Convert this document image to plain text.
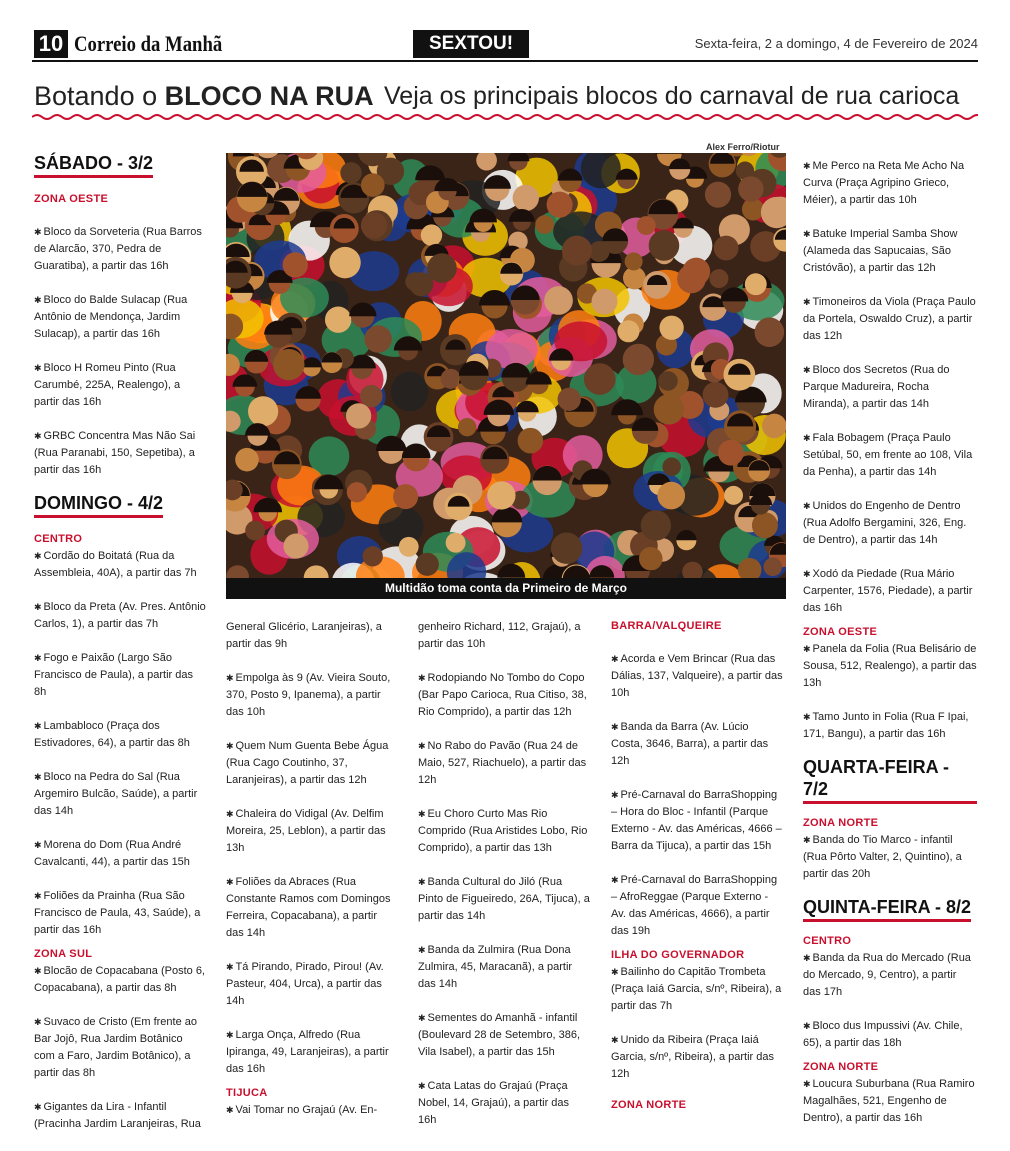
10 Correio da Manhã	SEXTOU!	Sexta-feira, 2 a domingo, 4 de Fevereiro de 2024
Botando o BLOCO NA RUA Veja os principais blocos do carnaval de rua carioca
SÁBADO - 3/2

ZONA OESTE

✱ Bloco da Sorveteria (Rua Barros de Alarcão, 370, Pedra de Guaratiba), a partir das 16h

✱ Bloco do Balde Sulacap (Rua Antônio de Mendonça, Jardim Sulacap), a partir das 16h

✱ Bloco H Romeu Pinto (Rua Carumbé, 225A, Realengo), a partir das 16h

✱ GRBC Concentra Mas Não Sai (Rua Paranabi, 150, Sepetiba), a partir das 16h

DOMINGO - 4/2

CENTRO

✱ Cordão do Boitatá (Rua da Assembleia, 40A), a partir das 7h

✱ Bloco da Preta (Av. Pres. Antônio Carlos, 1), a partir das 7h

✱ Fogo e Paixão (Largo São Francisco de Paula), a partir das 8h

✱ Lambabloco (Praça dos Estivadores, 64), a partir das 8h

✱ Bloco na Pedra do Sal (Rua Argemiro Bulcão, Saúde), a partir das 14h

✱ Morena do Dom (Rua André Cavalcanti, 44), a partir das 15h

✱ Foliões da Prainha (Rua São Francisco de Paula, 43, Saúde), a partir das 16h

ZONA SUL

✱ Blocão de Copacabana (Posto 6, Copacabana), a partir das 8h

✱ Suvaco de Cristo (Em frente ao Bar Jojô, Rua Jardim Botânico com a Faro, Jardim Botânico), a partir das 8h

✱ Gigantes da Lira - Infantil (Pracinha Jardim Laranjeiras, Rua

Alex Ferro/Riotur
Multidão toma conta da Primeiro de Março

General Glicério, Laranjeiras), a partir das 9h

✱ Empolga às 9 (Av. Vieira Souto, 370, Posto 9, Ipanema), a partir das 10h

✱ Quem Num Guenta Bebe Água (Rua Cago Coutinho, 37, Laranjeiras), a partir das 12h

✱ Chaleira do Vidigal (Av. Delfim Moreira, 25, Leblon), a partir das 13h

✱ Foliões da Abraces (Rua Constante Ramos com Domingos Ferreira, Copacabana), a partir das 14h

✱ Tá Pirando, Pirado, Pirou! (Av. Pasteur, 404, Urca), a partir das 14h

✱ Larga Onça, Alfredo (Rua Ipiranga, 49, Laranjeiras), a partir das 16h

TIJUCA

✱ Vai Tomar no Grajaú (Av. En-

genheiro Richard, 112, Grajaú), a partir das 10h

✱ Rodopiando No Tombo do Copo (Bar Papo Carioca, Rua Citiso, 38, Rio Comprido), a partir das 12h

✱ No Rabo do Pavão (Rua 24 de Maio, 527, Riachuelo), a partir das 12h

✱ Eu Choro Curto Mas Rio Comprido (Rua Aristides Lobo, Rio Comprido), a partir das 13h

✱ Banda Cultural do Jiló (Rua Pinto de Figueiredo, 26A, Tijuca), a partir das 14h

✱ Banda da Zulmira (Rua Dona Zulmira, 45, Maracanã), a partir das 14h

✱ Sementes do Amanhã - infantil (Boulevard 28 de Setembro, 386, Vila Isabel), a partir das 15h

✱ Cata Latas do Grajaú (Praça Nobel, 14, Grajaú), a partir das 16h

BARRA/VALQUEIRE

✱ Acorda e Vem Brincar (Rua das Dálias, 137, Valqueire), a partir das 10h

✱ Banda da Barra (Av. Lúcio Costa, 3646, Barra), a partir das 12h

✱ Pré-Carnaval do BarraShopping – Hora do Bloc - Infantil (Parque Externo - Av. das Américas, 4666 – Barra da Tijuca), a partir das 15h

✱ Pré-Carnaval do BarraShopping – AfroReggae (Parque Externo - Av. das Américas, 4666), a partir das 19h

ILHA DO GOVERNADOR

✱ Bailinho do Capitão Trombeta (Praça Iaiá Garcia, s/nº, Ribeira), a partir das 7h

✱ Unido da Ribeira (Praça Iaiá Garcia, s/nº, Ribeira), a partir das 12h

ZONA NORTE

✱ Me Perco na Reta Me Acho Na Curva (Praça Agripino Grieco, Méier), a partir das 10h

✱ Batuke Imperial Samba Show (Alameda das Sapucaias, São Cristóvão), a partir das 12h

✱ Timoneiros da Viola (Praça Paulo da Portela, Oswaldo Cruz), a partir das 12h

✱ Bloco dos Secretos (Rua do Parque Madureira, Rocha Miranda), a partir das 14h

✱ Fala Bobagem (Praça Paulo Setúbal, 50, em frente ao 108, Vila da Penha), a partir das 14h

✱ Unidos do Engenho de Dentro (Rua Adolfo Bergamini, 326, Eng. de Dentro), a partir das 14h

✱ Xodó da Piedade (Rua Mário Carpenter, 1576, Piedade), a partir das 16h

ZONA OESTE

✱ Panela da Folia (Rua Belisário de Sousa, 512, Realengo), a partir das 13h

✱ Tamo Junto in Folia (Rua F Ipai, 171, Bangu), a partir das 16h

QUARTA-FEIRA - 7/2

ZONA NORTE

✱ Banda do Tio Marco - infantil (Rua Pôrto Valter, 2, Quintino), a partir das 20h

QUINTA-FEIRA - 8/2

CENTRO

✱ Banda da Rua do Mercado (Rua do Mercado, 9, Centro), a partir das 17h

✱ Bloco dus Impussivi (Av. Chile, 65), a partir das 18h

ZONA NORTE

✱ Loucura Suburbana (Rua Ramiro Magalhães, 521, Engenho de Dentro), a partir das 16h
